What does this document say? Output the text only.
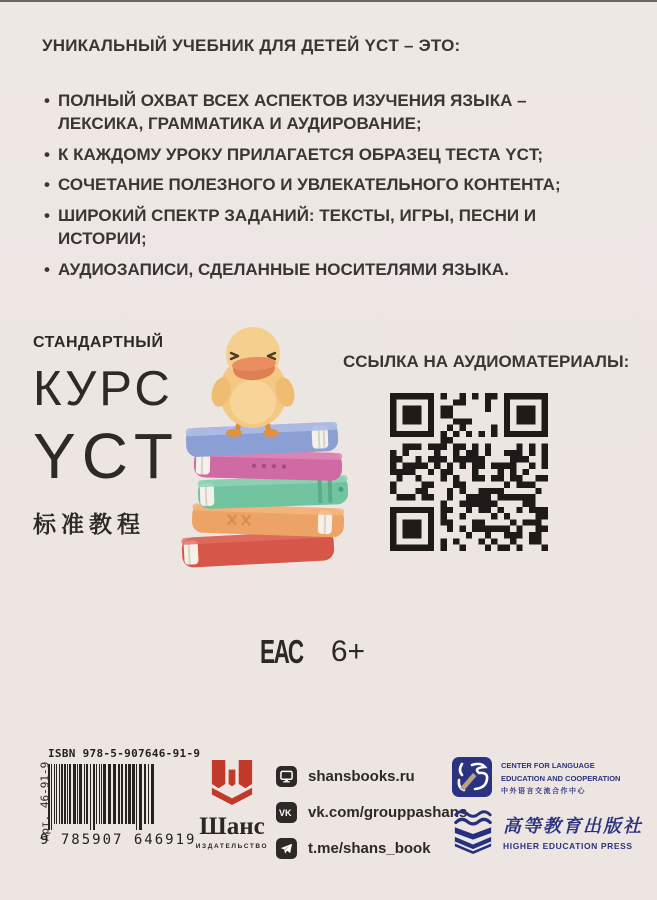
УНИКАЛЬНЫЙ УЧЕБНИК ДЛЯ ДЕТЕЙ YCT – ЭТО:
• ПОЛНЫЙ ОХВАТ ВСЕХ АСПЕКТОВ ИЗУЧЕНИЯ ЯЗЫКА – ЛЕКСИКА, ГРАММАТИКА И АУДИРОВАНИЕ;
• К КАЖДОМУ УРОКУ ПРИЛАГАЕТСЯ ОБРАЗЕЦ ТЕСТА YCT;
• СОЧЕТАНИЕ ПОЛЕЗНОГО И УВЛЕКАТЕЛЬНОГО КОНТЕНТА;
• ШИРОКИЙ СПЕКТР ЗАДАНИЙ: ТЕКСТЫ, ИГРЫ, ПЕСНИ И ИСТОРИИ;
• АУДИОЗАПИСИ, СДЕЛАННЫЕ НОСИТЕЛЯМИ ЯЗЫКА.
СТАНДАРТНЫЙ
КУРС
YCT
标准教程
ССЫЛКА НА АУДИОМАТЕРИАЛЫ:
ЕАС 6+
Арт. 46-91-9
ISBN 978-5-907646-91-9
9 785907 646919 Шанс
ИЗДАТЕЛЬСТВО
shansbooks.ru
VK vk.com/grouppashans
t.me/shans_book
CENTER FOR LANGUAGE
EDUCATION AND COOPERATION
中外语言交流合作中心
高等教育出版社
HIGHER EDUCATION PRESS
